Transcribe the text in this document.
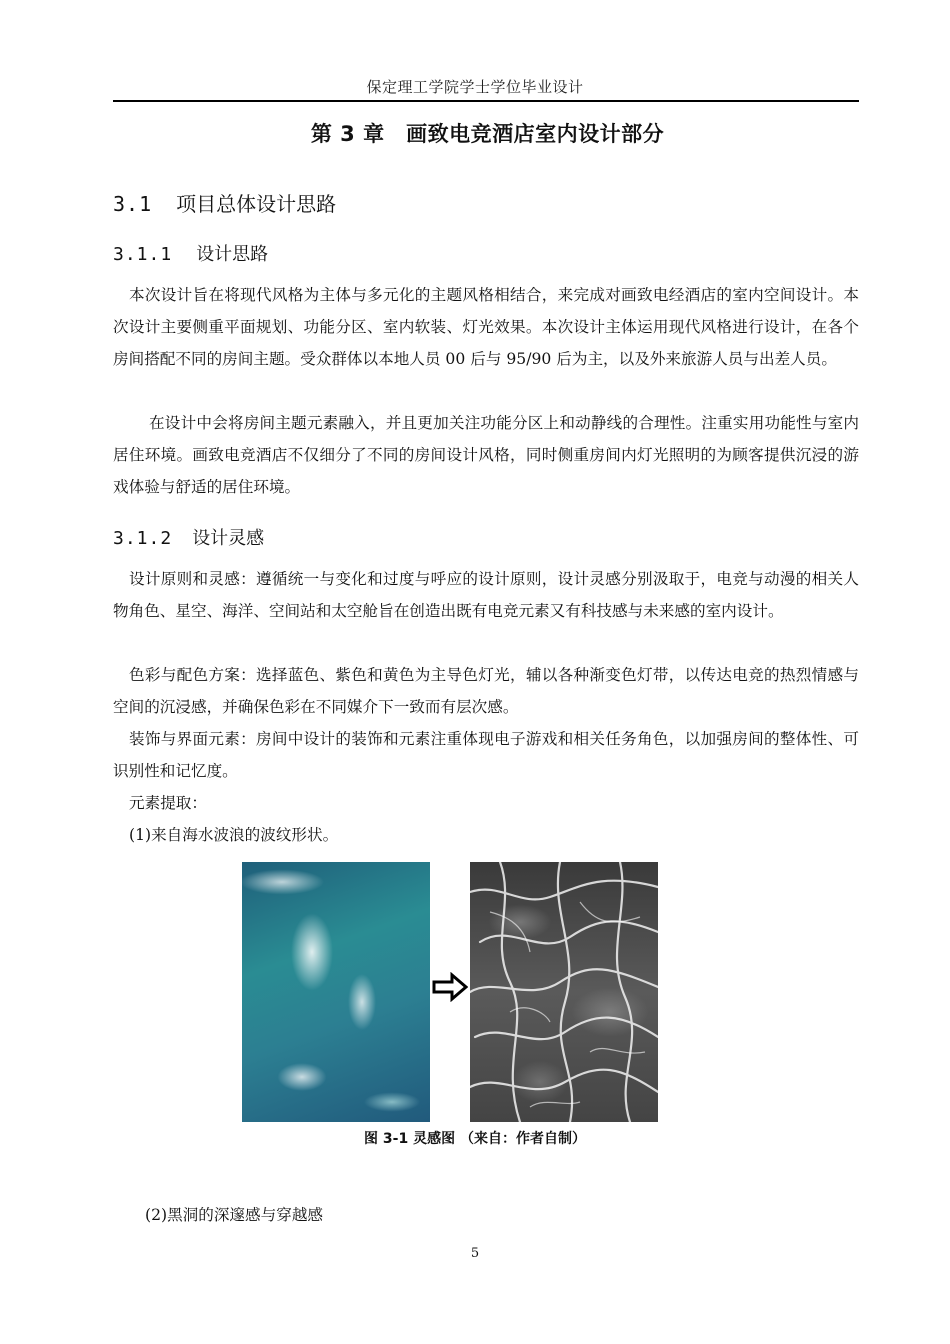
保定理工学院学士学位毕业设计
第 3 章　画致电竞酒店室内设计部分
3.1 项目总体设计思路
3.1.1 设计思路

本次设计旨在将现代风格为主体与多元化的主题风格相结合，来完成对画致电经酒店的室内空间设计。本次设计主要侧重平面规划、功能分区、室内软装、灯光效果。本次设计主体运用现代风格进行设计，在各个房间搭配不同的房间主题。受众群体以本地人员 00 后与 95/90 后为主，以及外来旅游人员与出差人员。

在设计中会将房间主题元素融入，并且更加关注功能分区上和动静线的合理性。注重实用功能性与室内居住环境。画致电竞酒店不仅细分了不同的房间设计风格，同时侧重房间内灯光照明的为顾客提供沉浸的游戏体验与舒适的居住环境。

3.1.2 设计灵感

设计原则和灵感：遵循统一与变化和过度与呼应的设计原则，设计灵感分别汲取于，电竞与动漫的相关人物角色、星空、海洋、空间站和太空舱旨在创造出既有电竞元素又有科技感与未来感的室内设计。

色彩与配色方案：选择蓝色、紫色和黄色为主导色灯光，辅以各种渐变色灯带，以传达电竞的热烈情感与空间的沉浸感，并确保色彩在不同媒介下一致而有层次感。

装饰与界面元素：房间中设计的装饰和元素注重体现电子游戏和相关任务角色，以加强房间的整体性、可识别性和记忆度。

元素提取：

(1)来自海水波浪的波纹形状。

图 3-1 灵感图 （来自：作者自制）

(2)黑洞的深邃感与穿越感

5
